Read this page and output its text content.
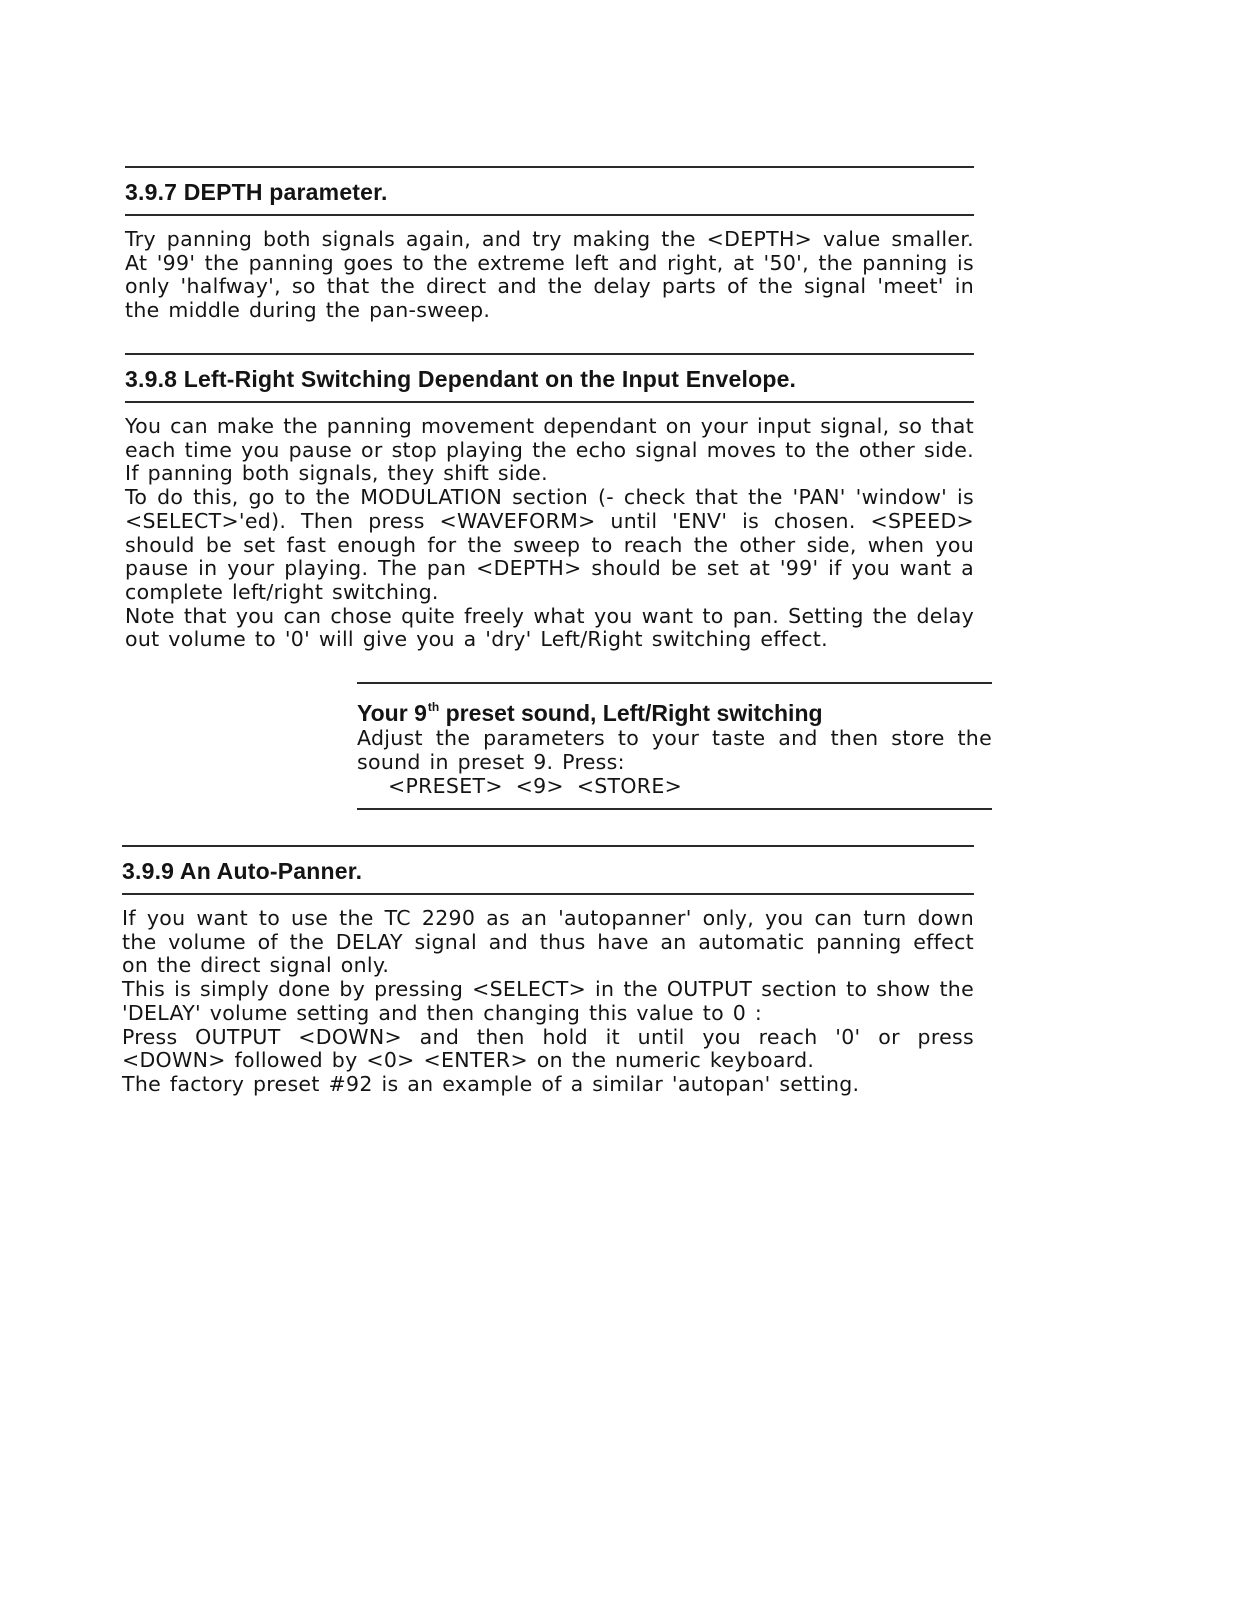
3.9.7 DEPTH parameter.
Try panning both signals again, and try making the <DEPTH> value smaller. At '99' the panning goes to the extreme left and right, at '50', the panning is only 'halfway', so that the direct and the delay parts of the signal 'meet' in the middle during the pan-sweep.
3.9.8 Left-Right Switching Dependant on the Input Envelope.
You can make the panning movement dependant on your input signal, so that each time you pause or stop playing the echo signal moves to the other side. If panning both signals, they shift side.
To do this, go to the MODULATION section (- check that the 'PAN' 'window' is <SELECT>'ed). Then press <WAVEFORM> until 'ENV' is chosen. <SPEED> should be set fast enough for the sweep to reach the other side, when you pause in your playing. The pan <DEPTH> should be set at '99' if you want a complete left/right switching.
Note that you can chose quite freely what you want to pan. Setting the delay out volume to '0' will give you a 'dry' Left/Right switching effect.
Your 9th preset sound, Left/Right switching
Adjust the parameters to your taste and then store the sound in preset 9. Press:
<PRESET> <9> <STORE>
3.9.9 An Auto-Panner.
If you want to use the TC 2290 as an 'autopanner' only, you can turn down the volume of the DELAY signal and thus have an automatic panning effect on the direct signal only.
This is simply done by pressing <SELECT> in the OUTPUT section to show the 'DELAY' volume setting and then changing this value to 0 :
Press OUTPUT <DOWN> and then hold it until you reach '0' or press <DOWN> followed by <0> <ENTER> on the numeric keyboard.
The factory preset #92 is an example of a similar 'autopan' setting.
